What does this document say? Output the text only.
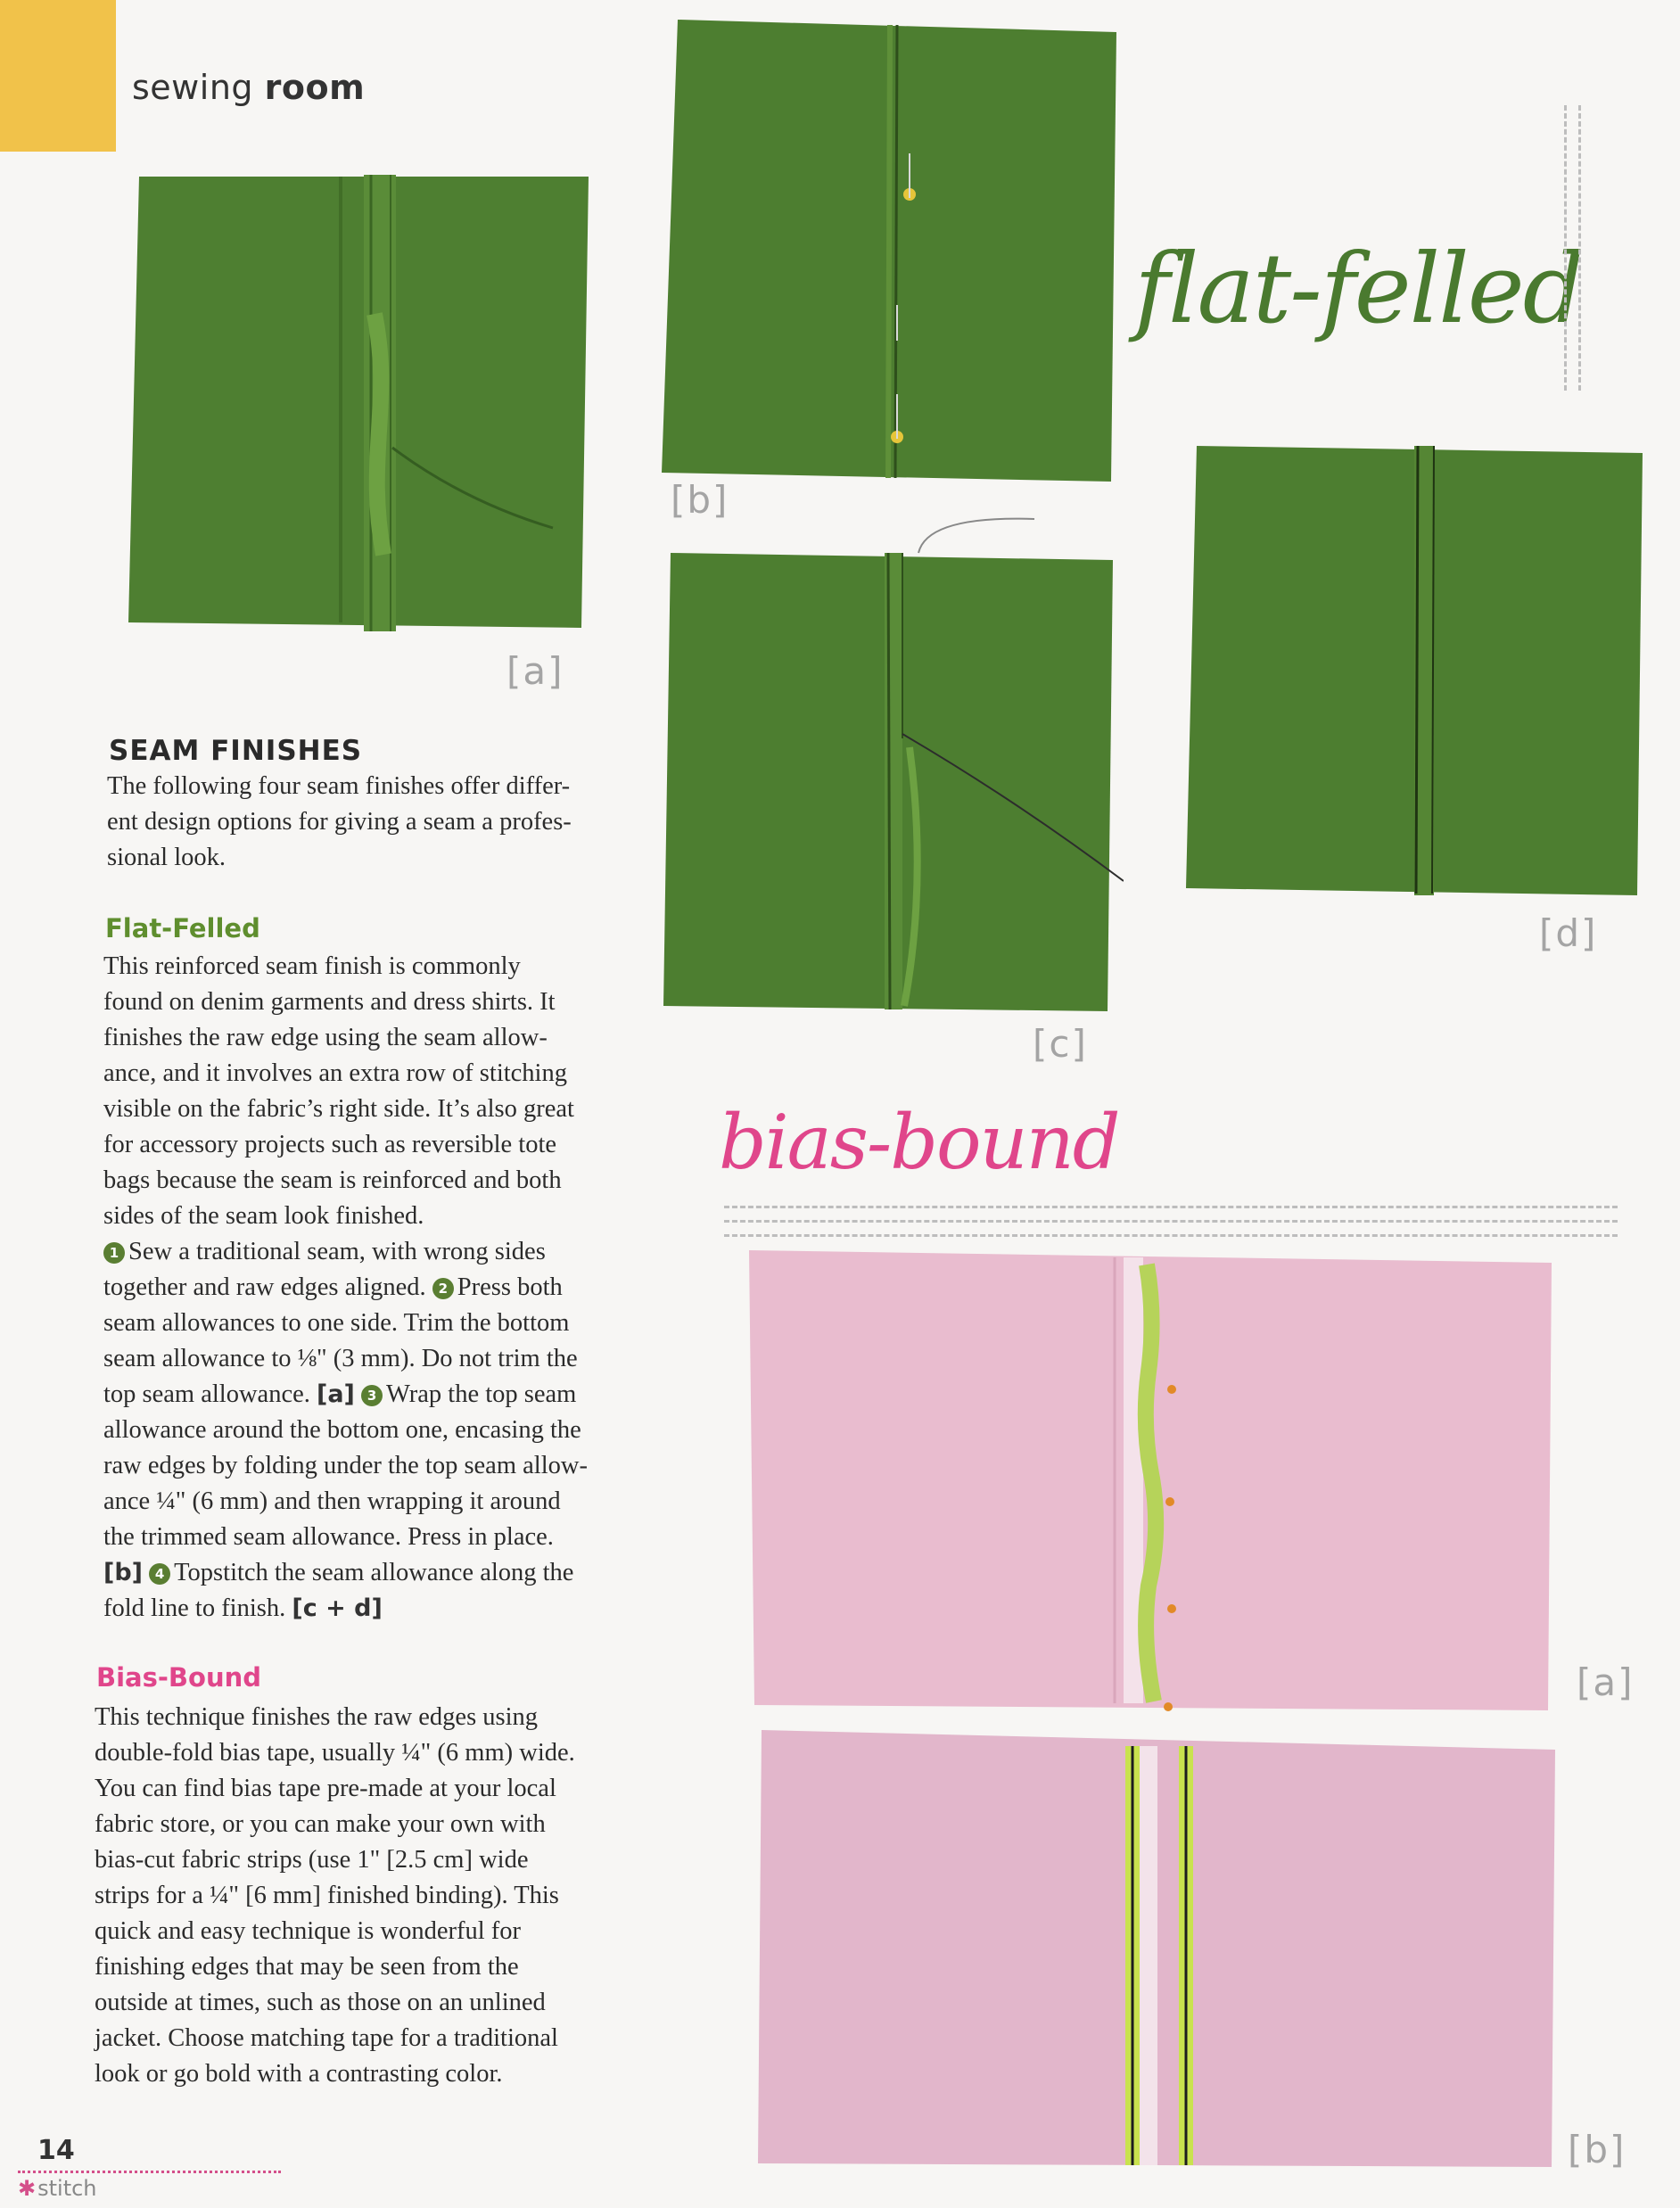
sewing room
[a]
[b]
[c]
[d]
flat-felled
bias-bound
[a]
[b]
SEAM FINISHES
The following four seam finishes offer differ-
ent design options for giving a seam a profes-
sional look.
Flat-Felled
This reinforced seam finish is commonly
found on denim garments and dress shirts. It
finishes the raw edge using the seam allow-
ance, and it involves an extra row of stitching
visible on the fabric’s right side. It’s also great
for accessory projects such as reversible tote
bags because the seam is reinforced and both
sides of the seam look finished.
1 Sew a traditional seam, with wrong sides
together and raw edges aligned. 2 Press both
seam allowances to one side. Trim the bottom
seam allowance to ⅛" (3 mm). Do not trim the
top seam allowance. [a] 3 Wrap the top seam
allowance around the bottom one, encasing the
raw edges by folding under the top seam allow-
ance ¼" (6 mm) and then wrapping it around
the trimmed seam allowance. Press in place.
[b] 4 Topstitch the seam allowance along the
fold line to finish. [c + d]
Bias-Bound
This technique finishes the raw edges using
double-fold bias tape, usually ¼" (6 mm) wide.
You can find bias tape pre-made at your local
fabric store, or you can make your own with
bias-cut fabric strips (use 1" [2.5 cm] wide
strips for a ¼" [6 mm] finished binding). This
quick and easy technique is wonderful for
finishing edges that may be seen from the
outside at times, such as those on an unlined
jacket. Choose matching tape for a traditional
look or go bold with a contrasting color.
14
✱stitch
